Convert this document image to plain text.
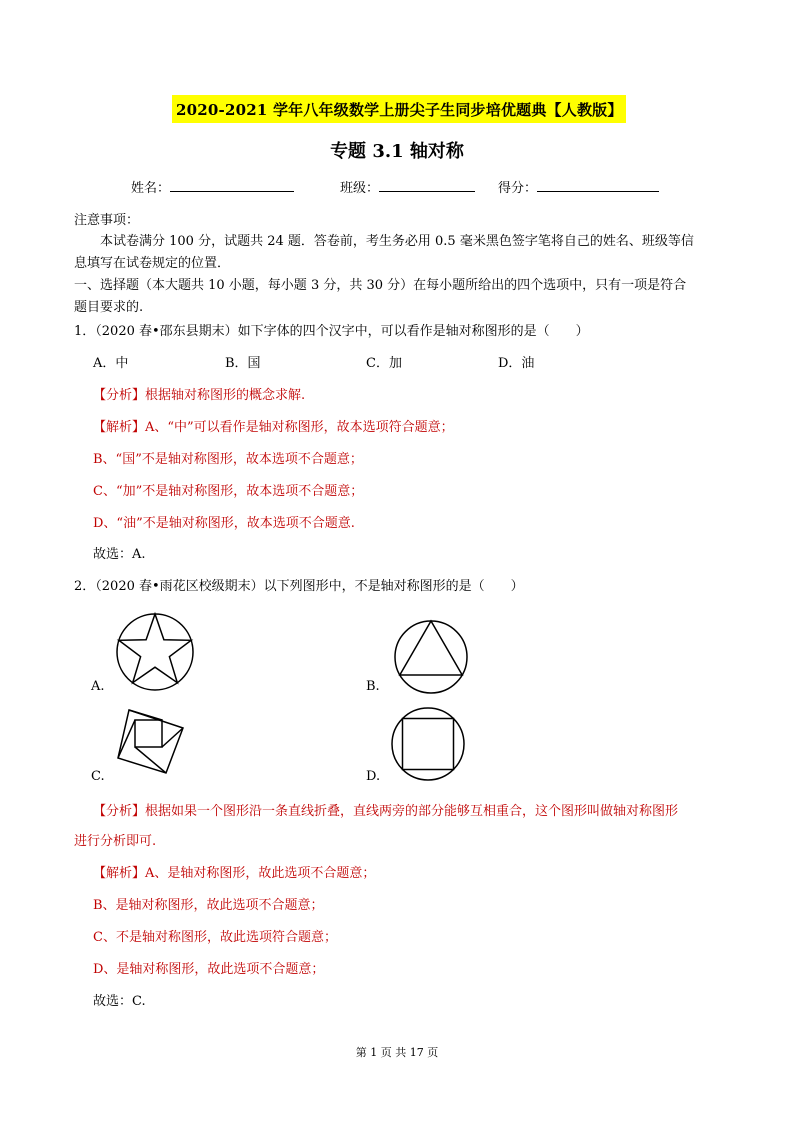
2020-2021 学年八年级数学上册尖子生同步培优题典【人教版】
专题 3.1 轴对称
姓名：	班级：	得分：
注意事项：
本试卷满分 100 分，试题共 24 题．答卷前，考生务必用 0.5 毫米黑色签字笔将自己的姓名、班级等信
息填写在试卷规定的位置．
一、选择题（本大题共 10 小题，每小题 3 分，共 30 分）在每小题所给出的四个选项中，只有一项是符合
题目要求的.
1．（2020 春•邵东县期末）如下字体的四个汉字中，可以看作是轴对称图形的是（　　）
A．中	B．国	C．加	D．油
【分析】根据轴对称图形的概念求解.
【解析】A、“中”可以看作是轴对称图形，故本选项符合题意；
B、“国”不是轴对称图形，故本选项不合题意；
C、“加”不是轴对称图形，故本选项不合题意；
D、“油”不是轴对称图形，故本选项不合题意.
故选：A.
2．（2020 春•雨花区校级期末）以下列图形中，不是轴对称图形的是（　　）
A.	B.
C.	D.
【分析】根据如果一个图形沿一条直线折叠，直线两旁的部分能够互相重合，这个图形叫做轴对称图形
进行分析即可.
【解析】A、是轴对称图形，故此选项不合题意；
B、是轴对称图形，故此选项不合题意；
C、不是轴对称图形，故此选项符合题意；
D、是轴对称图形，故此选项不合题意；
故选：C.
第 1 页 共 17 页
